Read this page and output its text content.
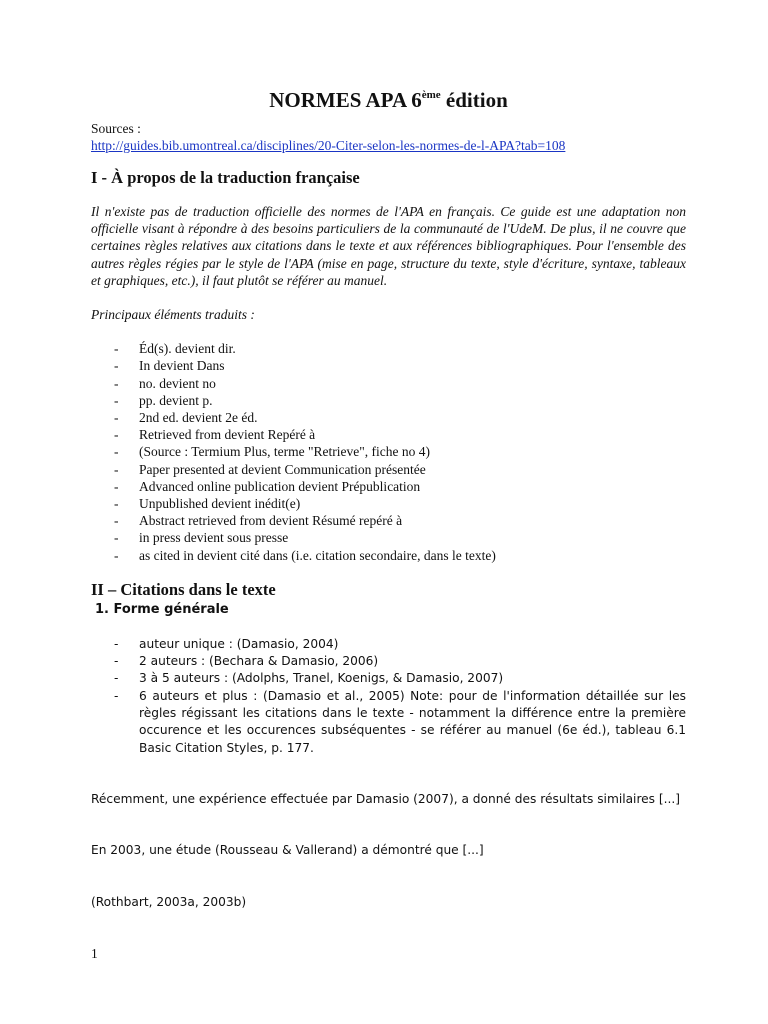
NORMES APA 6ème édition
Sources :
http://guides.bib.umontreal.ca/disciplines/20-Citer-selon-les-normes-de-l-APA?tab=108
I - À propos de la traduction française

Il n'existe pas de traduction officielle des normes de l'APA en français. Ce guide est une adaptation non officielle visant à répondre à des besoins particuliers de la communauté de l'UdeM. De plus, il ne couvre que certaines règles relatives aux citations dans le texte et aux références bibliographiques. Pour l'ensemble des autres règles régies par le style de l'APA (mise en page, structure du texte, style d'écriture, syntaxe, tableaux et graphiques, etc.), il faut plutôt se référer au manuel.

Principaux éléments traduits :

- Éd(s). devient dir.
- In devient Dans
- no. devient no
- pp. devient p.
- 2nd ed. devient 2e éd.
- Retrieved from devient Repéré à
- (Source : Termium Plus, terme "Retrieve", fiche no 4)
- Paper presented at devient Communication présentée
- Advanced online publication devient Prépublication
- Unpublished devient inédit(e)
- Abstract retrieved from devient Résumé repéré à
- in press devient sous presse
- as cited in devient cité dans (i.e. citation secondaire, dans le texte)
II – Citations dans le texte
1. Forme générale
- auteur unique : (Damasio, 2004)
- 2 auteurs : (Bechara & Damasio, 2006)
- 3 à 5 auteurs : (Adolphs, Tranel, Koenigs, & Damasio, 2007)
- 6 auteurs et plus : (Damasio et al., 2005) Note: pour de l'information détaillée sur les règles régissant les citations dans le texte - notamment la différence entre la première occurence et les occurences subséquentes - se référer au manuel (6e éd.), tableau 6.1 Basic Citation Styles, p. 177.

Récemment, une expérience effectuée par Damasio (2007), a donné des résultats similaires [...]

En 2003, une étude (Rousseau & Vallerand) a démontré que [...]

(Rothbart, 2003a, 2003b)

1
